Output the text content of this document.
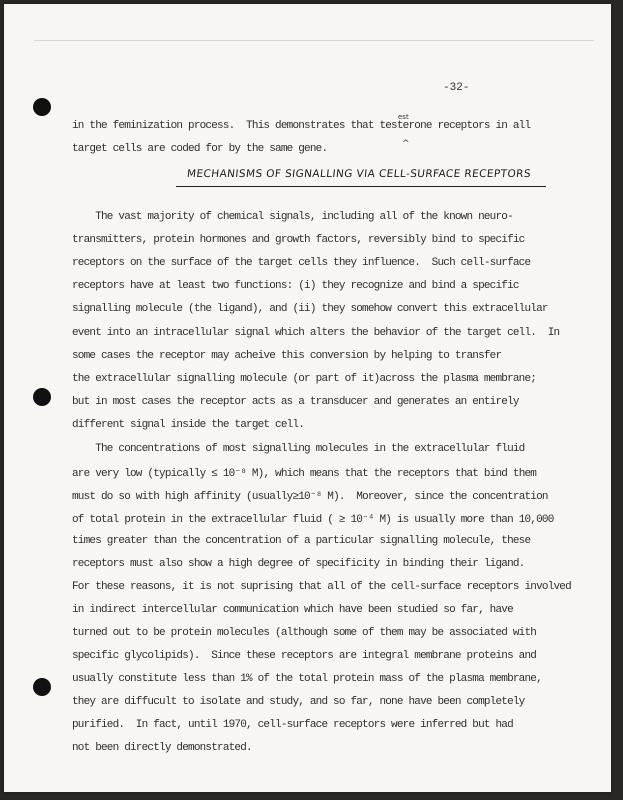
-32-
est
^
in the feminization process.  This demonstrates that testerone receptors in all
target cells are coded for by the same gene.
MECHANISMS OF SIGNALLING VIA CELL-SURFACE RECEPTORS
The vast majority of chemical signals, including all of the known neuro-
transmitters, protein hormones and growth factors, reversibly bind to specific
receptors on the surface of the target cells they influence.  Such cell-surface
receptors have at least two functions: (i) they recognize and bind a specific
signalling molecule (the ligand), and (ii) they somehow convert this extracellular
event into an intracellular signal which alters the behavior of the target cell.  In
some cases the receptor may acheive this conversion by helping to transfer
the extracellular signalling molecule (or part of it)across the plasma membrane;
but in most cases the receptor acts as a transducer and generates an entirely
different signal inside the target cell.
The concentrations of most signalling molecules in the extracellular fluid
are very low (typically ≤ 10⁻⁸ M), which means that the receptors that bind them
must do so with high affinity (usually≥10⁻⁸ M).  Moreover, since the concentration
of total protein in the extracellular fluid ( ≥ 10⁻⁴ M) is usually more than 10,000
times greater than the concentration of a particular signalling molecule, these
receptors must also show a high degree of specificity in binding their ligand.
For these reasons, it is not suprising that all of the cell-surface receptors involved
in indirect intercellular communication which have been studied so far, have
turned out to be protein molecules (although some of them may be associated with
specific glycolipids).  Since these receptors are integral membrane proteins and
usually constitute less than 1% of the total protein mass of the plasma membrane,
they are diffucult to isolate and study, and so far, none have been completely
purified.  In fact, until 1970, cell-surface receptors were inferred but had
not been directly demonstrated.
